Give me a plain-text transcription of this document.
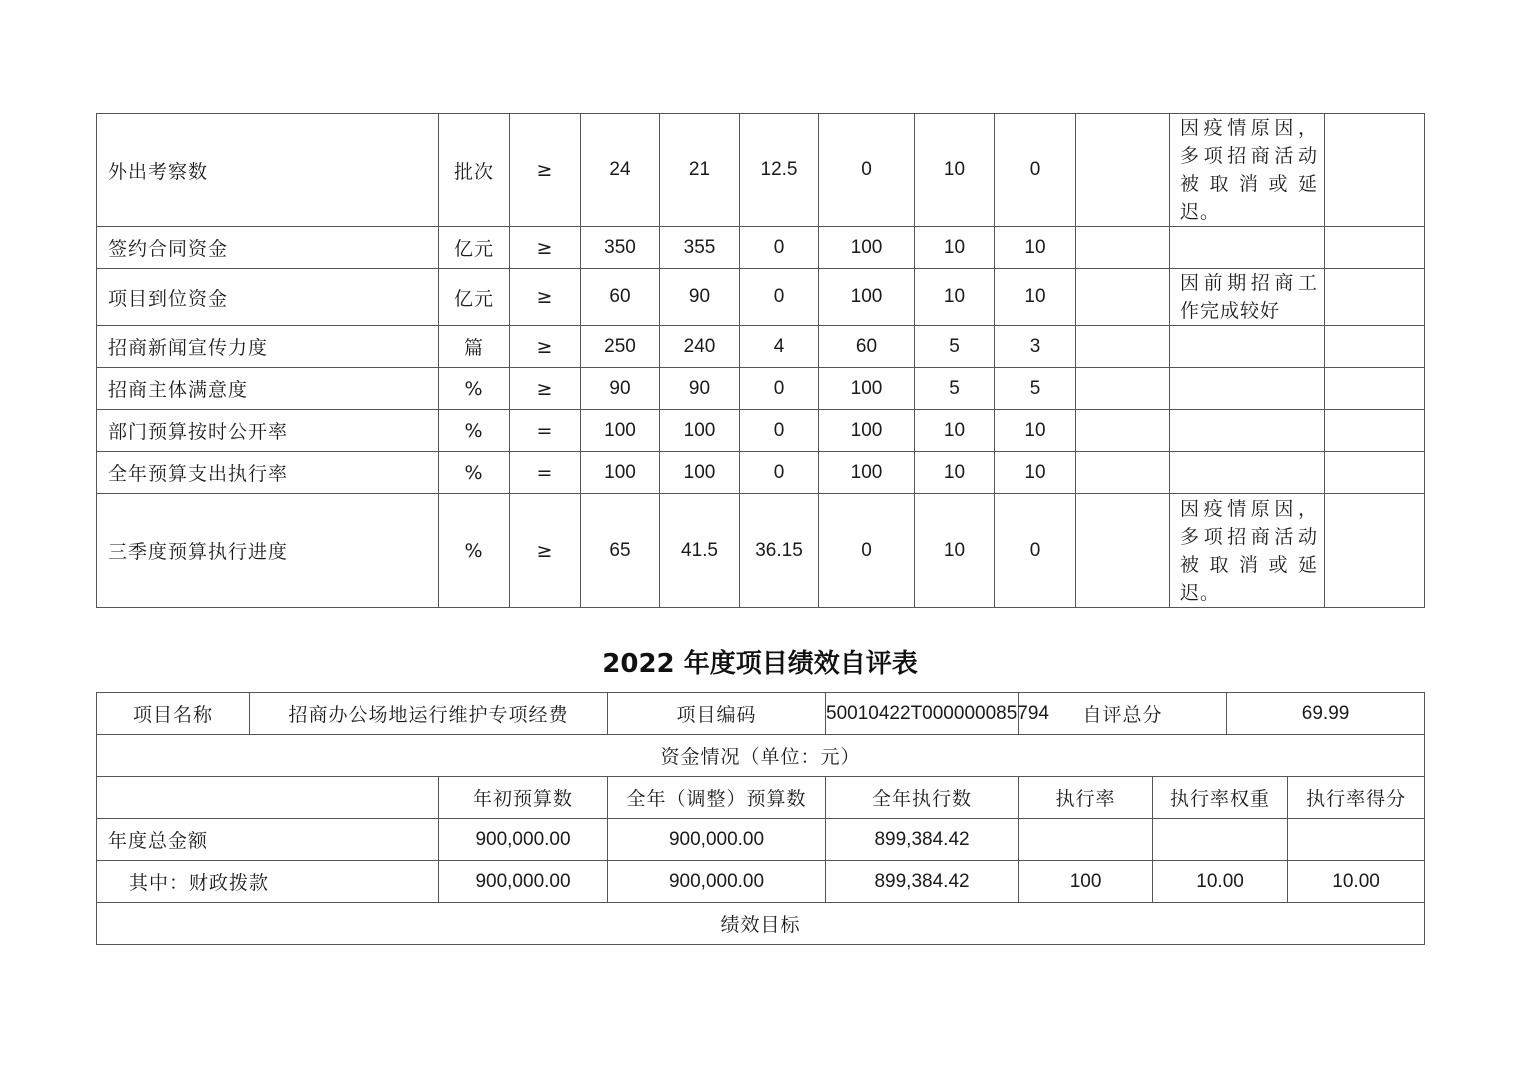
外出考察数	批次	≥	24	21	12.5	0	10	0		因疫情原因，多项招商活动被取消或延迟。	
签约合同资金	亿元	≥	350	355	0	100	10	10			
项目到位资金	亿元	≥	60	90	0	100	10	10		因前期招商工作完成较好	
招商新闻宣传力度	篇	≥	250	240	4	60	5	3			
招商主体满意度	%	≥	90	90	0	100	5	5			
部门预算按时公开率	%	=	100	100	0	100	10	10			
全年预算支出执行率	%	=	100	100	0	100	10	10			
三季度预算执行进度	%	≥	65	41.5	36.15	0	10	0		因疫情原因，多项招商活动被取消或延迟。	
2022 年度项目绩效自评表
项目名称	招商办公场地运行维护专项经费		项目编码	50010422T000000085794	自评总分		69.99	
资金情况（单位：元）								
		年初预算数	全年（调整）预算数	全年执行数	执行率	执行率权重		执行率得分
年度总金额		900,000.00	900,000.00	899,384.42				
其中：财政拨款		900,000.00	900,000.00	899,384.42	100	10.00		10.00
绩效目标								
